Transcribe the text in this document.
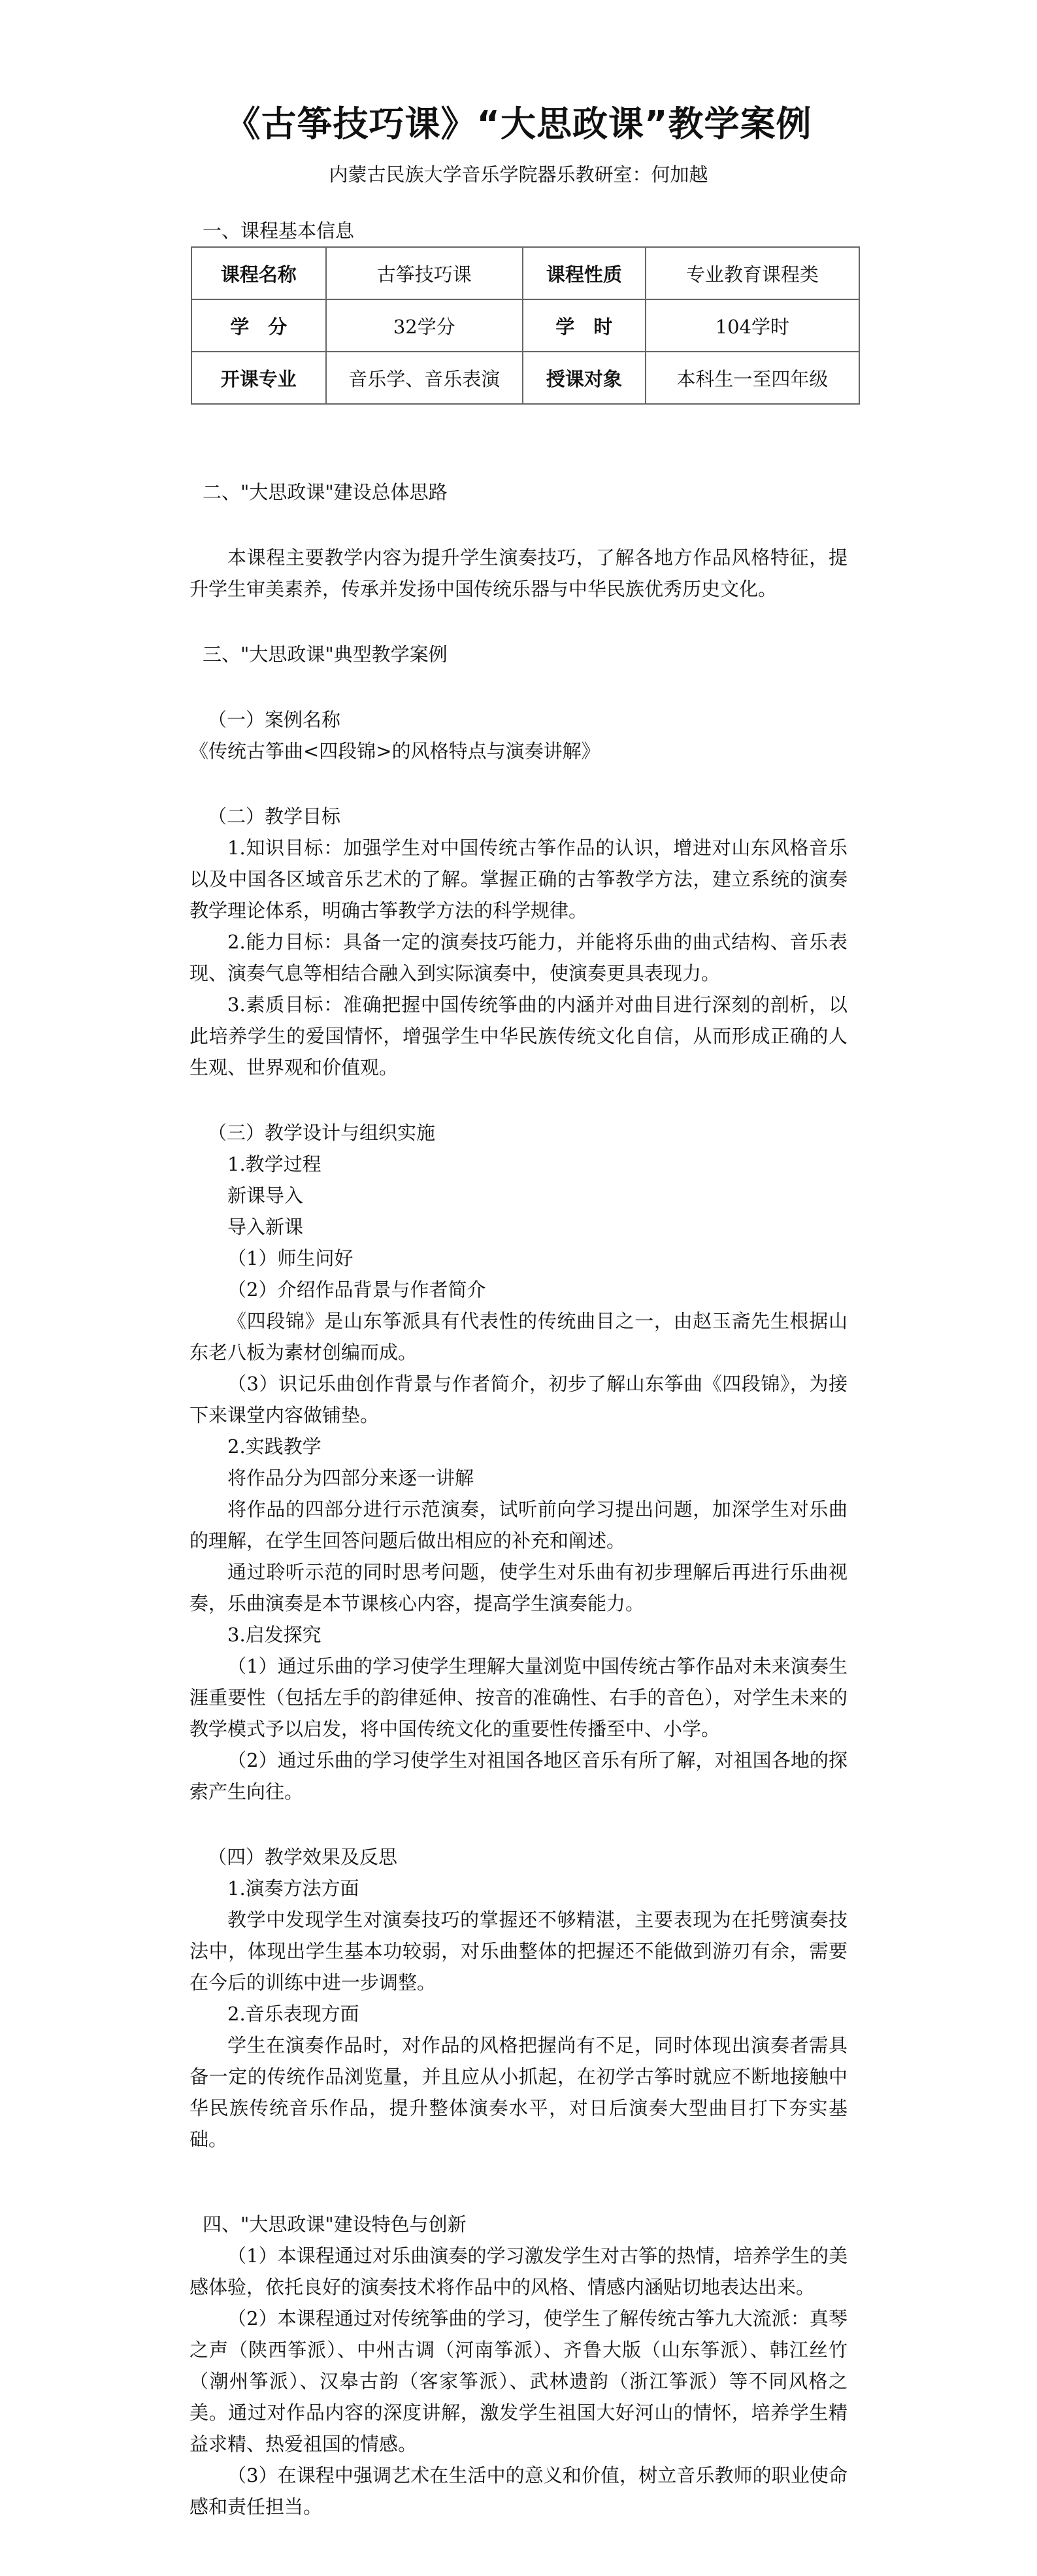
《古筝技巧课》“大思政课”教学案例
内蒙古民族大学音乐学院器乐教研室：何加越

一、课程基本信息

课程名称	古筝技巧课	课程性质	专业教育课程类
学　分	32学分	学　时	104学时
开课专业	音乐学、音乐表演	授课对象	本科生一至四年级

二、"大思政课"建设总体思路

本课程主要教学内容为提升学生演奏技巧，了解各地方作品风格特征，提升学生审美素养，传承并发扬中国传统乐器与中华民族优秀历史文化。

三、"大思政课"典型教学案例

（一）案例名称

《传统古筝曲<四段锦>的风格特点与演奏讲解》

（二）教学目标

1.知识目标：加强学生对中国传统古筝作品的认识，增进对山东风格音乐以及中国各区域音乐艺术的了解。掌握正确的古筝教学方法，建立系统的演奏教学理论体系，明确古筝教学方法的科学规律。

2.能力目标：具备一定的演奏技巧能力，并能将乐曲的曲式结构、音乐表现、演奏气息等相结合融入到实际演奏中，使演奏更具表现力。

3.素质目标：准确把握中国传统筝曲的内涵并对曲目进行深刻的剖析，以此培养学生的爱国情怀，增强学生中华民族传统文化自信，从而形成正确的人生观、世界观和价值观。

（三）教学设计与组织实施

1.教学过程

新课导入

导入新课

（1）师生问好

（2）介绍作品背景与作者简介

《四段锦》是山东筝派具有代表性的传统曲目之一，由赵玉斋先生根据山东老八板为素材创编而成。

（3）识记乐曲创作背景与作者简介，初步了解山东筝曲《四段锦》，为接下来课堂内容做铺垫。

2.实践教学

将作品分为四部分来逐一讲解

将作品的四部分进行示范演奏，试听前向学习提出问题，加深学生对乐曲的理解，在学生回答问题后做出相应的补充和阐述。

通过聆听示范的同时思考问题，使学生对乐曲有初步理解后再进行乐曲视奏，乐曲演奏是本节课核心内容，提高学生演奏能力。

3.启发探究

（1）通过乐曲的学习使学生理解大量浏览中国传统古筝作品对未来演奏生涯重要性（包括左手的韵律延伸、按音的准确性、右手的音色），对学生未来的教学模式予以启发，将中国传统文化的重要性传播至中、小学。

（2）通过乐曲的学习使学生对祖国各地区音乐有所了解，对祖国各地的探索产生向往。

（四）教学效果及反思

1.演奏方法方面

教学中发现学生对演奏技巧的掌握还不够精湛，主要表现为在托劈演奏技法中，体现出学生基本功较弱，对乐曲整体的把握还不能做到游刃有余，需要在今后的训练中进一步调整。

2.音乐表现方面

学生在演奏作品时，对作品的风格把握尚有不足，同时体现出演奏者需具备一定的传统作品浏览量，并且应从小抓起，在初学古筝时就应不断地接触中华民族传统音乐作品，提升整体演奏水平，对日后演奏大型曲目打下夯实基础。

四、"大思政课"建设特色与创新

（1）本课程通过对乐曲演奏的学习激发学生对古筝的热情，培养学生的美感体验，依托良好的演奏技术将作品中的风格、情感内涵贴切地表达出来。

（2）本课程通过对传统筝曲的学习，使学生了解传统古筝九大流派：真琴之声（陕西筝派）、中州古调（河南筝派）、齐鲁大版（山东筝派）、韩江丝竹（潮州筝派）、汉皋古韵（客家筝派）、武林遗韵（浙江筝派）等不同风格之美。通过对作品内容的深度讲解，激发学生祖国大好河山的情怀，培养学生精益求精、热爱祖国的情感。

（3）在课程中强调艺术在生活中的意义和价值，树立音乐教师的职业使命感和责任担当。
